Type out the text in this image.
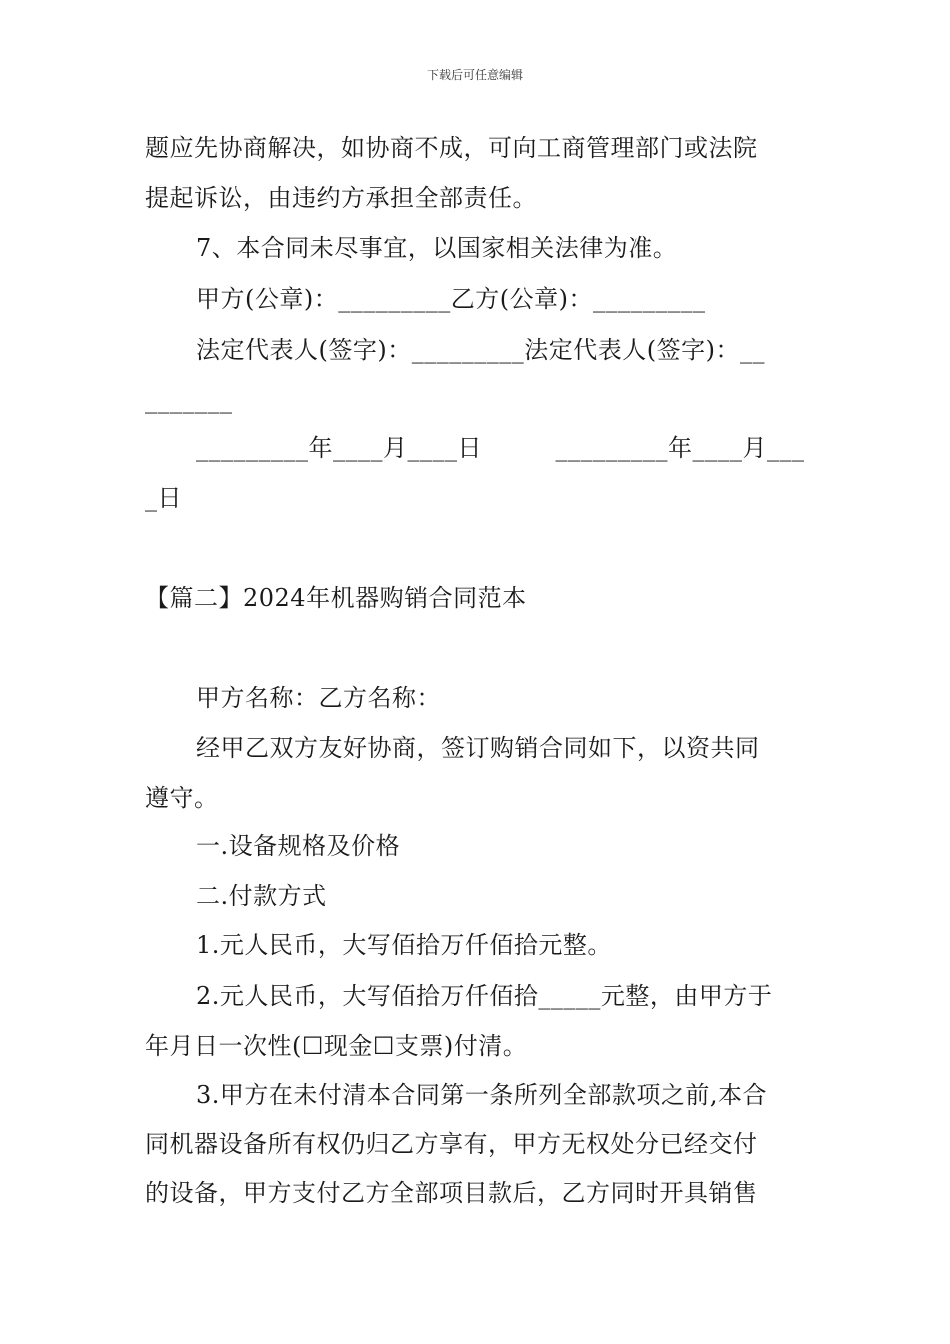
下载后可任意编辑
题应先协商解决，如协商不成，可向工商管理部门或法院
提起诉讼，由违约方承担全部责任。
7、本合同未尽事宜，以国家相关法律为准。
甲方(公章)：_________乙方(公章)：_________
法定代表人(签字)：_________法定代表人(签字)：__
_______
_________年____月____日　　　_________年____月___
_日
【篇二】2024年机器购销合同范本
甲方名称：乙方名称：
经甲乙双方友好协商，签订购销合同如下，以资共同
遵守。
一.设备规格及价格
二.付款方式
1.元人民币，大写佰拾万仟佰拾元整。
2.元人民币，大写佰拾万仟佰拾_____元整，由甲方于
年月日一次性(☐现金☐支票)付清。
3.甲方在未付清本合同第一条所列全部款项之前,本合
同机器设备所有权仍归乙方享有，甲方无权处分已经交付
的设备，甲方支付乙方全部项目款后，乙方同时开具销售
